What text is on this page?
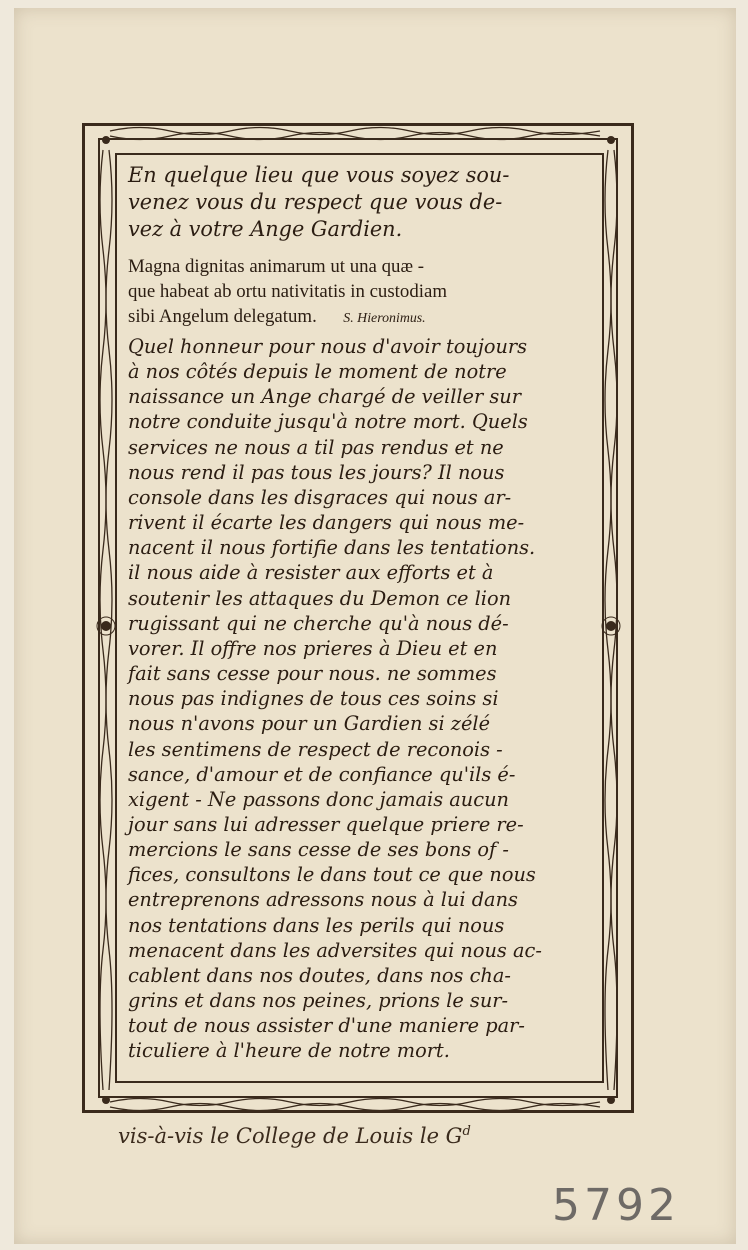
En quelque lieu que vous soyez sou-
venez vous du respect que vous de-
vez à votre Ange Gardien.
Magna dignitas animarum ut una quæ -
que habeat ab ortu nativitatis in custodiam
sibi Angelum delegatum. S. Hieronimus.
Quel honneur pour nous d'avoir toujours
à nos côtés depuis le moment de notre
naissance un Ange chargé de veiller sur
notre conduite jusqu'à notre mort. Quels
services ne nous a til pas rendus et ne
nous rend il pas tous les jours? Il nous
console dans les disgraces qui nous ar-
rivent il écarte les dangers qui nous me-
nacent il nous fortifie dans les tentations.
il nous aide à resister aux efforts et à
soutenir les attaques du Demon ce lion
rugissant qui ne cherche qu'à nous dé-
vorer. Il offre nos prieres à Dieu et en
fait sans cesse pour nous. ne sommes
nous pas indignes de tous ces soins si
nous n'avons pour un Gardien si zélé
les sentimens de respect de reconois -
sance, d'amour et de confiance qu'ils é-
xigent - Ne passons donc jamais aucun
jour sans lui adresser quelque priere re-
mercions le sans cesse de ses bons of -
fices, consultons le dans tout ce que nous
entreprenons adressons nous à lui dans
nos tentations dans les perils qui nous
menacent dans les adversites qui nous ac-
cablent dans nos doutes, dans nos cha-
grins et dans nos peines, prions le sur-
tout de nous assister d'une maniere par-
ticuliere à l'heure de notre mort.
vis-à-vis le College de Louis le $G^d$
5792
